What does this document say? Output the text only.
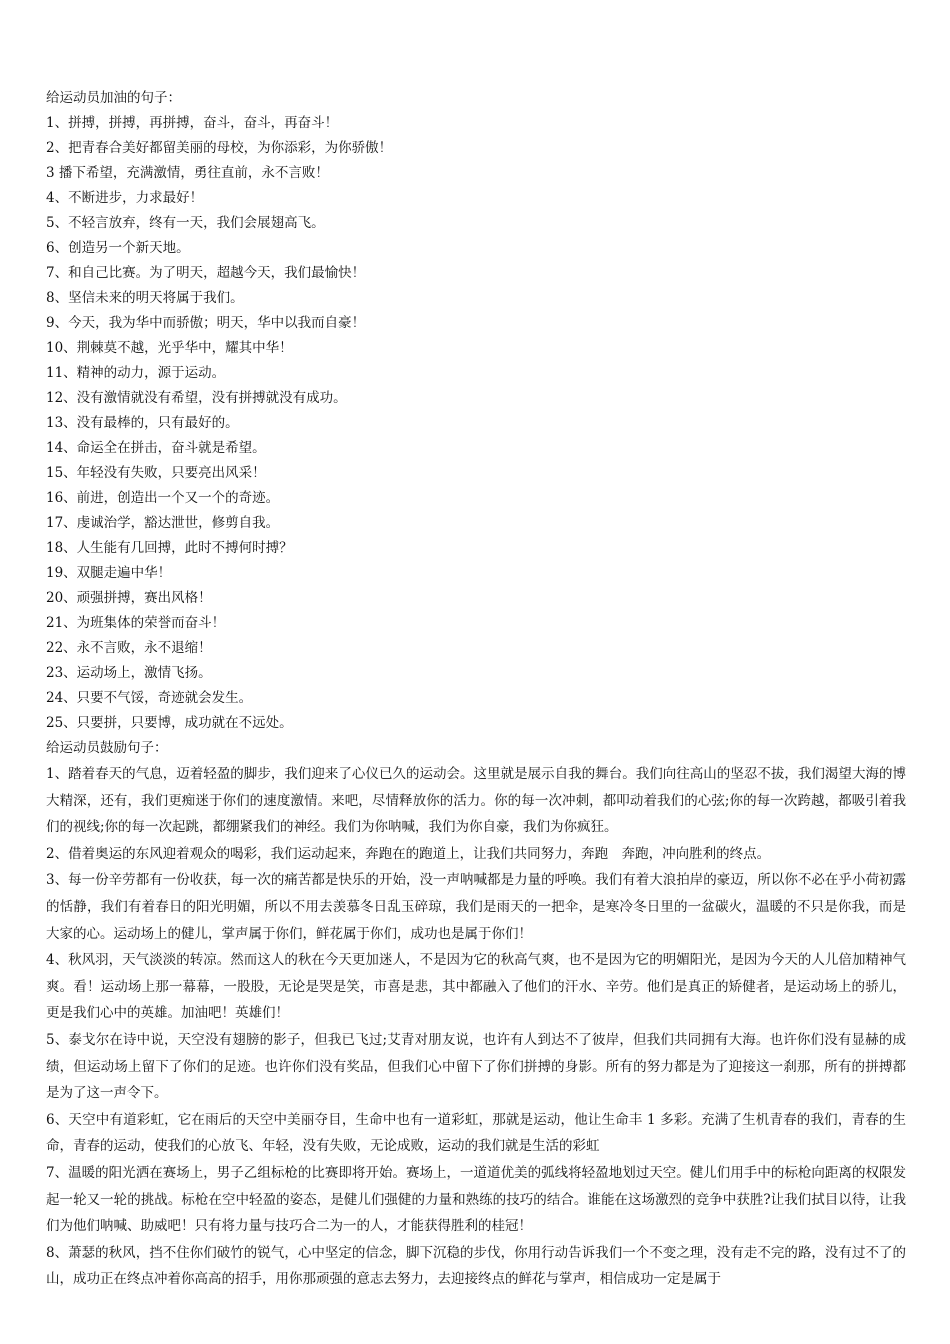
给运动员加油的句子：
1、拼搏，拼搏，再拼搏，奋斗，奋斗，再奋斗！
2、把青春合美好都留美丽的母校，为你添彩，为你骄傲！
3 播下希望，充满激情，勇往直前，永不言败！
4、不断进步，力求最好！
5、不轻言放弃，终有一天，我们会展翅高飞。
6、创造另一个新天地。
7、和自己比赛。为了明天，超越今天，我们最愉快！
8、坚信未来的明天将属于我们。
9、今天，我为华中而骄傲；明天，华中以我而自豪！
10、荆棘莫不越，光乎华中，耀其中华！
11、精神的动力，源于运动。
12、没有激情就没有希望，没有拼搏就没有成功。
13、没有最棒的，只有最好的。
14、命运全在拼击，奋斗就是希望。
15、年轻没有失败，只要亮出风采！
16、前进，创造出一个又一个的奇迹。
17、虔诚治学，豁达泄世，修剪自我。
18、人生能有几回搏，此时不搏何时搏？
19、双腿走遍中华！
20、顽强拼搏，赛出风格！
21、为班集体的荣誉而奋斗！
22、永不言败，永不退缩！
23、运动场上，激情飞扬。
24、只要不气馁，奇迹就会发生。
25、只要拼，只要博，成功就在不远处。
给运动员鼓励句子：
1、踏着春天的气息，迈着轻盈的脚步，我们迎来了心仪已久的运动会。这里就是展示自我的舞台。我们向往高山的坚忍不拔，我们渴望大海的博大精深，还有，我们更痴迷于你们的速度激情。来吧，尽情释放你的活力。你的每一次冲刺，都叩动着我们的心弦;你的每一次跨越，都吸引着我们的视线;你的每一次起跳，都绷紧我们的神经。我们为你呐喊，我们为你自豪，我们为你疯狂。
2、借着奥运的东风迎着观众的喝彩，我们运动起来，奔跑在的跑道上，让我们共同努力，奔跑　奔跑，冲向胜利的终点。
3、每一份辛劳都有一份收获，每一次的痛苦都是快乐的开始，没一声呐喊都是力量的呼唤。我们有着大浪拍岸的豪迈，所以你不必在乎小荷初露的恬静，我们有着春日的阳光明媚，所以不用去羡慕冬日乱玉碎琼，我们是雨天的一把伞，是寒冷冬日里的一盆碳火，温暖的不只是你我，而是大家的心。运动场上的健儿，掌声属于你们，鲜花属于你们，成功也是属于你们！
4、秋风羽，天气淡淡的转凉。然而这人的秋在今天更加迷人，不是因为它的秋高气爽，也不是因为它的明媚阳光，是因为今天的人儿倍加精神气爽。看！运动场上那一幕幕，一股股，无论是哭是笑，市喜是悲，其中都融入了他们的汗水、辛劳。他们是真正的矫健者，是运动场上的骄儿，更是我们心中的英雄。加油吧！英雄们！
5、泰戈尔在诗中说，天空没有翅膀的影子，但我已飞过;艾青对朋友说，也许有人到达不了彼岸，但我们共同拥有大海。也许你们没有显赫的成绩，但运动场上留下了你们的足迹。也许你们没有奖品，但我们心中留下了你们拼搏的身影。所有的努力都是为了迎接这一刹那，所有的拼搏都是为了这一声令下。
6、天空中有道彩虹，它在雨后的天空中美丽夺目，生命中也有一道彩虹，那就是运动，他让生命丰 1 多彩。充满了生机青春的我们，青春的生命，青春的运动，使我们的心放飞、年轻，没有失败，无论成败，运动的我们就是生活的彩虹
7、温暖的阳光洒在赛场上，男子乙组标枪的比赛即将开始。赛场上，一道道优美的弧线将轻盈地划过天空。健儿们用手中的标枪向距离的权限发起一轮又一轮的挑战。标枪在空中轻盈的姿态，是健儿们强健的力量和熟练的技巧的结合。谁能在这场激烈的竞争中获胜?让我们拭目以待，让我们为他们呐喊、助威吧！只有将力量与技巧合二为一的人，才能获得胜利的桂冠！
8、萧瑟的秋风，挡不住你们破竹的锐气，心中坚定的信念，脚下沉稳的步伐，你用行动告诉我们一个不变之理，没有走不完的路，没有过不了的山，成功正在终点冲着你高高的招手，用你那顽强的意志去努力，去迎接终点的鲜花与掌声，相信成功一定是属于
